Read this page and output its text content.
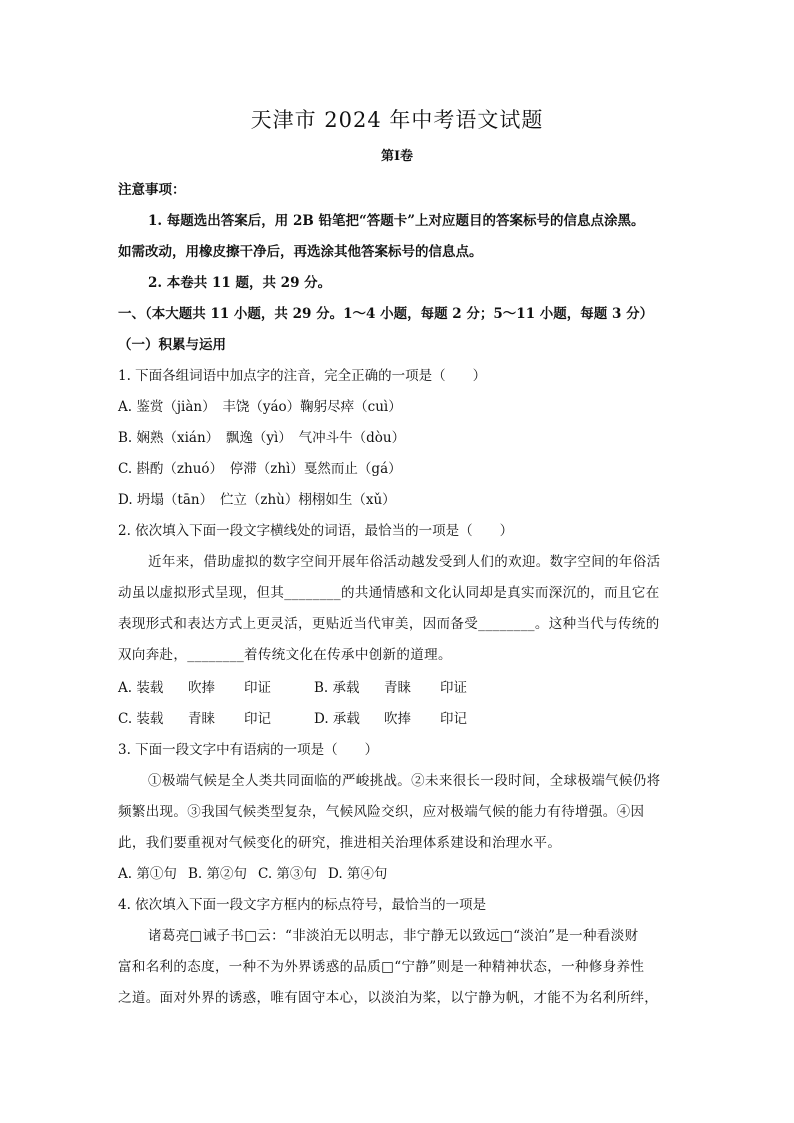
天津市 2024 年中考语文试题
第Ⅰ卷
注意事项：
1. 每题选出答案后，用 2B 铅笔把“答题卡”上对应题目的答案标号的信息点涂黑。
如需改动，用橡皮擦干净后，再选涂其他答案标号的信息点。
2. 本卷共 11 题，共 29 分。
一、（本大题共 11 小题，共 29 分。1～4 小题，每题 2 分；5～11 小题，每题 3 分）
（一）积累与运用
1. 下面各组词语中加点字的注音，完全正确的一项是（　　）
A. 鉴赏（jiàn）　丰饶（yáo）鞠躬尽瘁（cuì）
B. 娴熟（xián）　飘逸（yì）　气冲斗牛（dòu）
C. 斟酌（zhuó）　停滞（zhì）戛然而止（gá）
D. 坍塌（tān）　伫立（zhù）栩栩如生（xǔ）
2. 依次填入下面一段文字横线处的词语，最恰当的一项是（　　）
近年来，借助虚拟的数字空间开展年俗活动越发受到人们的欢迎。数字空间的年俗活
动虽以虚拟形式呈现，但其________的共通情感和文化认同却是真实而深沉的，而且它在
表现形式和表达方式上更灵活，更贴近当代审美，因而备受________。这种当代与传统的
双向奔赴，________着传统文化在传承中创新的道理。
A. 装载 吹捧 印证	B. 承载 青睐 印证
C. 装载 青睐 印记	D. 承载 吹捧 印记
3. 下面一段文字中有语病的一项是（　　）
①极端气候是全人类共同面临的严峻挑战。②未来很长一段时间，全球极端气候仍将
频繁出现。③我国气候类型复杂，气候风险交织，应对极端气候的能力有待增强。④因
此，我们要重视对气候变化的研究，推进相关治理体系建设和治理水平。
A. 第①句 B. 第②句 C. 第③句 D. 第④句
4. 依次填入下面一段文字方框内的标点符号，最恰当的一项是
诸葛亮□诫子书□云：“非淡泊无以明志，非宁静无以致远□“淡泊”是一种看淡财
富和名利的态度，一种不为外界诱惑的品质□“宁静”则是一种精神状态，一种修身养性
之道。面对外界的诱惑，唯有固守本心，以淡泊为桨，以宁静为帆，才能不为名利所绊，
